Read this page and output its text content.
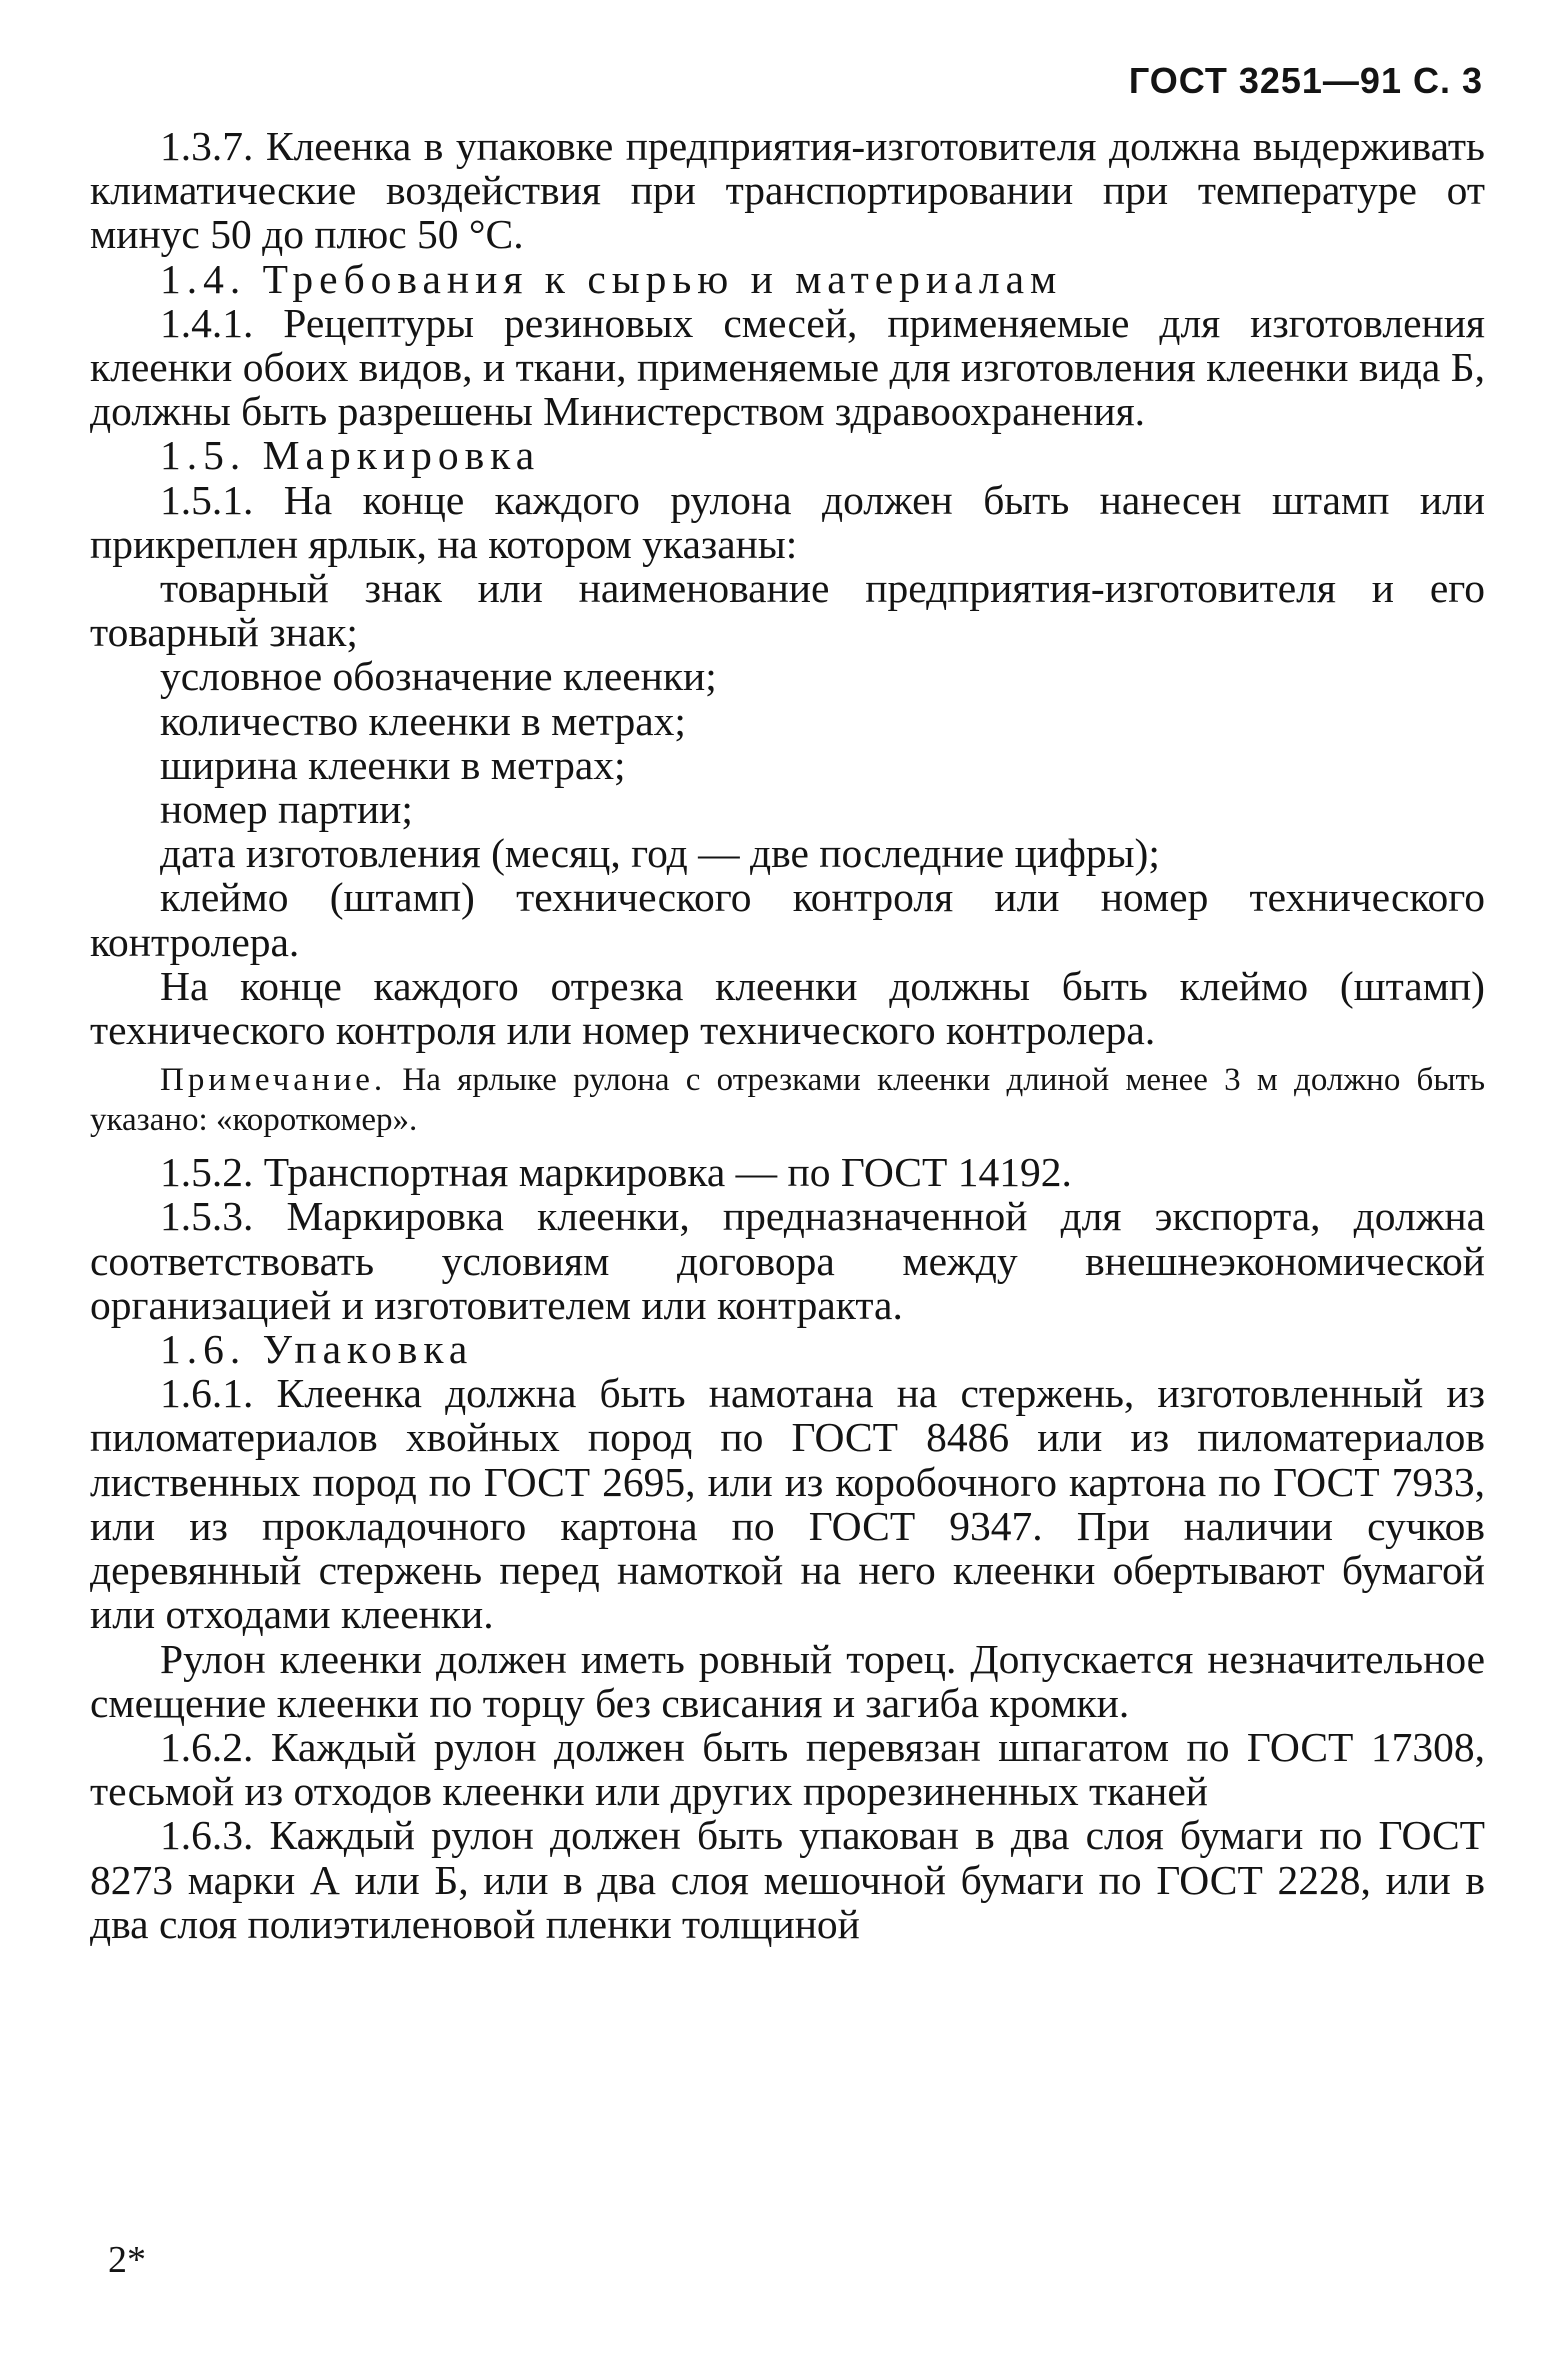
ГОСТ 3251—91 С. 3

1.3.7. Клеенка в упаковке предприятия-изготовителя должна выдерживать климатические воздействия при транспортировании при температуре от минус 50 до плюс 50 °С.

1.4. Требования к сырью и материалам

1.4.1. Рецептуры резиновых смесей, применяемые для изготовления клеенки обоих видов, и ткани, применяемые для изготовления клеенки вида Б, должны быть разрешены Министерством здравоохранения.

1.5. Маркировка

1.5.1. На конце каждого рулона должен быть нанесен штамп или прикреплен ярлык, на котором указаны:

товарный знак или наименование предприятия-изготовителя и его товарный знак;

условное обозначение клеенки;

количество клеенки в метрах;

ширина клеенки в метрах;

номер партии;

дата изготовления (месяц, год — две последние цифры);

клеймо (штамп) технического контроля или номер технического контролера.

На конце каждого отрезка клеенки должны быть клеймо (штамп) технического контроля или номер технического контролера.

Примечание. На ярлыке рулона с отрезками клеенки длиной менее 3 м должно быть указано: «короткомер».

1.5.2. Транспортная маркировка — по ГОСТ 14192.

1.5.3. Маркировка клеенки, предназначенной для экспорта, должна соответствовать условиям договора между внешнеэкономической организацией и изготовителем или контракта.

1.6. Упаковка

1.6.1. Клеенка должна быть намотана на стержень, изготовленный из пиломатериалов хвойных пород по ГОСТ 8486 или из пиломатериалов лиственных пород по ГОСТ 2695, или из коробочного картона по ГОСТ 7933, или из прокладочного картона по ГОСТ 9347. При наличии сучков деревянный стержень перед намоткой на него клеенки обертывают бумагой или отходами клеенки.

Рулон клеенки должен иметь ровный торец. Допускается незначительное смещение клеенки по торцу без свисания и загиба кромки.

1.6.2. Каждый рулон должен быть перевязан шпагатом по ГОСТ 17308, тесьмой из отходов клеенки или других прорезиненных тканей

1.6.3. Каждый рулон должен быть упакован в два слоя бумаги по ГОСТ 8273 марки А или Б, или в два слоя мешочной бумаги по ГОСТ 2228, или в два слоя полиэтиленовой пленки толщиной

2*
